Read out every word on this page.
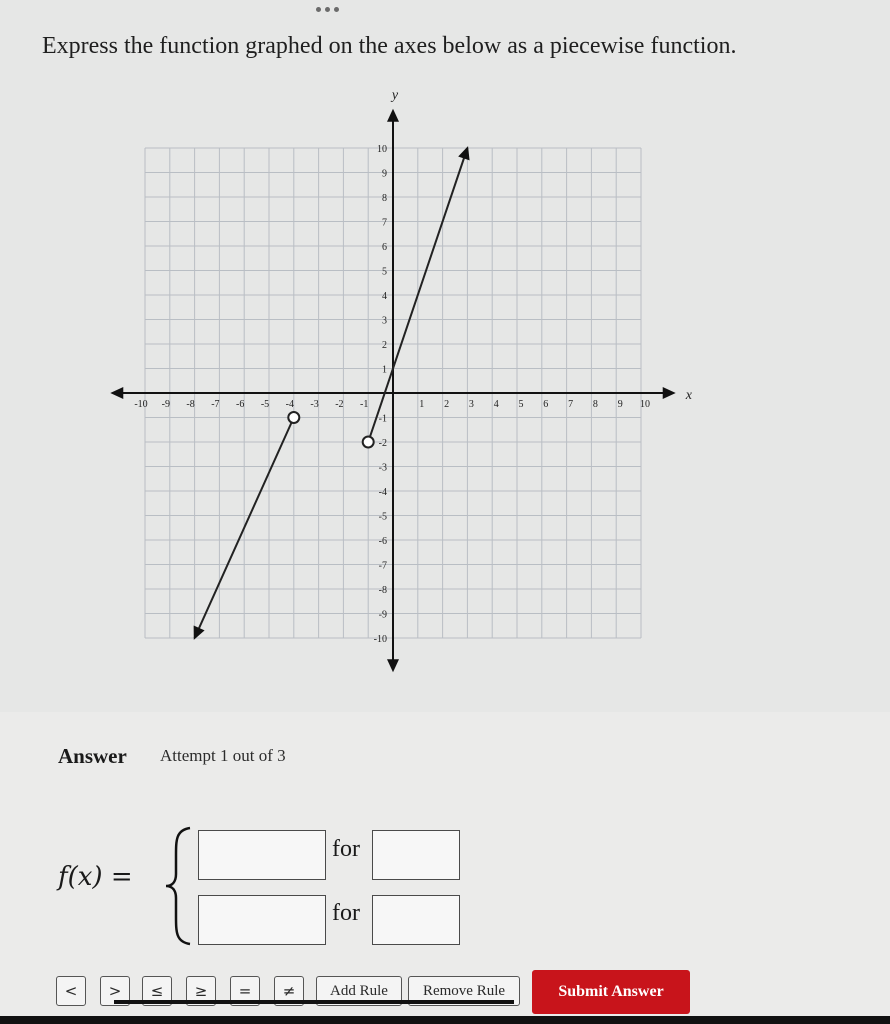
Express the function graphed on the axes below as a piecewise function.
x
y
-10 -9 -8 -7 -6 -5 -4 -3 -2 -1	1 2 3 4 5 6 7 8 9 10
10
9
8
7
6
5
4
3
2
1
-1
-2
-3
-4
-5
-6
-7
-8
-9
-10
Answer Attempt 1 out of 3
f(x) =
for
for
<	>	≤	≥	=	≠	Add Rule	Remove Rule	Submit Answer
